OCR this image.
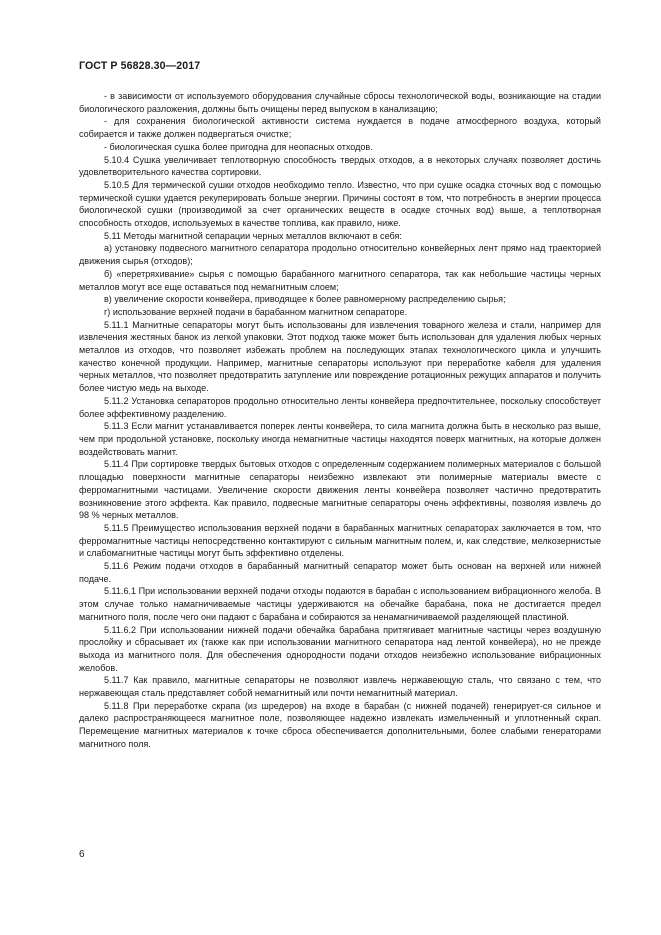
ГОСТ Р 56828.30—2017

- в зависимости от используемого оборудования случайные сбросы технологической воды, возникающие на стадии биологического разложения, должны быть очищены перед выпуском в канализацию;

- для сохранения биологической активности система нуждается в подаче атмосферного воздуха, который собирается и также должен подвергаться очистке;

- биологическая сушка более пригодна для неопасных отходов.

5.10.4 Сушка увеличивает теплотворную способность твердых отходов, а в некоторых случаях позволяет достичь удовлетворительного качества сортировки.

5.10.5 Для термической сушки отходов необходимо тепло. Известно, что при сушке осадка сточных вод с помощью термической сушки удается рекуперировать больше энергии. Причины состоят в том, что потребность в энергии процесса биологической сушки (производимой за счет органических веществ в осадке сточных вод) выше, а теплотворная способность отходов, используемых в качестве топлива, как правило, ниже.

5.11 Методы магнитной сепарации черных металлов включают в себя:

а) установку подвесного магнитного сепаратора продольно относительно конвейерных лент прямо над траекторией движения сырья (отходов);

б) «перетряхивание» сырья с помощью барабанного магнитного сепаратора, так как небольшие частицы черных металлов могут все еще оставаться под немагнитным слоем;

в) увеличение скорости конвейера, приводящее к более равномерному распределению сырья;

г) использование верхней подачи в барабанном магнитном сепараторе.

5.11.1 Магнитные сепараторы могут быть использованы для извлечения товарного железа и стали, например для извлечения жестяных банок из легкой упаковки. Этот подход также может быть использован для удаления любых черных металлов из отходов, что позволяет избежать проблем на последующих этапах технологического цикла и улучшить качество конечной продукции. Например, магнитные сепараторы используют при переработке кабеля для удаления черных металлов, что позволяет предотвратить затупление или повреждение ротационных режущих аппаратов и получить более чистую медь на выходе.

5.11.2 Установка сепараторов продольно относительно ленты конвейера предпочтительнее, поскольку способствует более эффективному разделению.

5.11.3 Если магнит устанавливается поперек ленты конвейера, то сила магнита должна быть в несколько раз выше, чем при продольной установке, поскольку иногда немагнитные частицы находятся поверх магнитных, на которые должен воздействовать магнит.

5.11.4 При сортировке твердых бытовых отходов с определенным содержанием полимерных материалов с большой площадью поверхности магнитные сепараторы неизбежно извлекают эти полимерные материалы вместе с ферромагнитными частицами. Увеличение скорости движения ленты конвейера позволяет частично предотвратить возникновение этого эффекта. Как правило, подвесные магнитные сепараторы очень эффективны, позволяя извлечь до 98 % черных металлов.

5.11.5 Преимущество использования верхней подачи в барабанных магнитных сепараторах заключается в том, что ферромагнитные частицы непосредственно контактируют с сильным магнитным полем, и, как следствие, мелкозернистые и слабомагнитные частицы могут быть эффективно отделены.

5.11.6 Режим подачи отходов в барабанный магнитный сепаратор может быть основан на верхней или нижней подаче.

5.11.6.1 При использовании верхней подачи отходы подаются в барабан с использованием вибрационного желоба. В этом случае только намагничиваемые частицы удерживаются на обечайке барабана, пока не достигается предел магнитного поля, после чего они падают с барабана и собираются за ненамагничиваемой разделяющей пластиной.

5.11.6.2 При использовании нижней подачи обечайка барабана притягивает магнитные частицы через воздушную прослойку и сбрасывает их (также как при использовании магнитного сепаратора над лентой конвейера), но не прежде выхода из магнитного поля. Для обеспечения однородности подачи отходов неизбежно использование вибрационных желобов.

5.11.7 Как правило, магнитные сепараторы не позволяют извлечь нержавеющую сталь, что связано с тем, что нержавеющая сталь представляет собой немагнитный или почти немагнитный материал.

5.11.8 При переработке скрапа (из шредеров) на входе в барабан (с нижней подачей) генерирует-ся сильное и далеко распространяющееся магнитное поле, позволяющее надежно извлекать измельченный и уплотненный скрап. Перемещение магнитных материалов к точке сброса обеспечивается дополнительными, более слабыми генераторами магнитного поля.

6
